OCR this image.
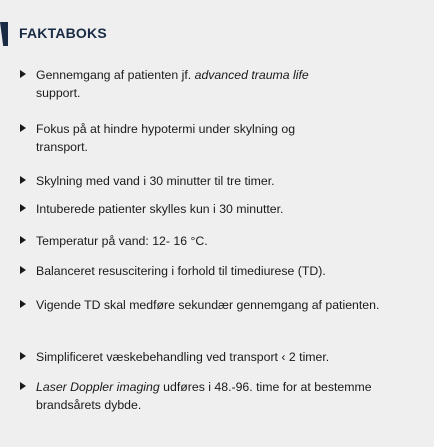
FAKTABOKS
Gennemgang af patienten jf. advanced trauma life support.
Fokus på at hindre hypotermi under skylning og transport.
Skylning med vand i 30 minutter til tre timer.
Intuberede patienter skylles kun i 30 minutter.
Temperatur på vand: 12- 16 °C.
Balanceret resuscitering i forhold til timediurese (TD).
Vigende TD skal medføre sekundær gennemgang af patienten.
Simplificeret væskebehandling ved transport ‹ 2 timer.
Laser Doppler imaging udføres i 48.-96. time for at bestemme brandsårets dybde.
